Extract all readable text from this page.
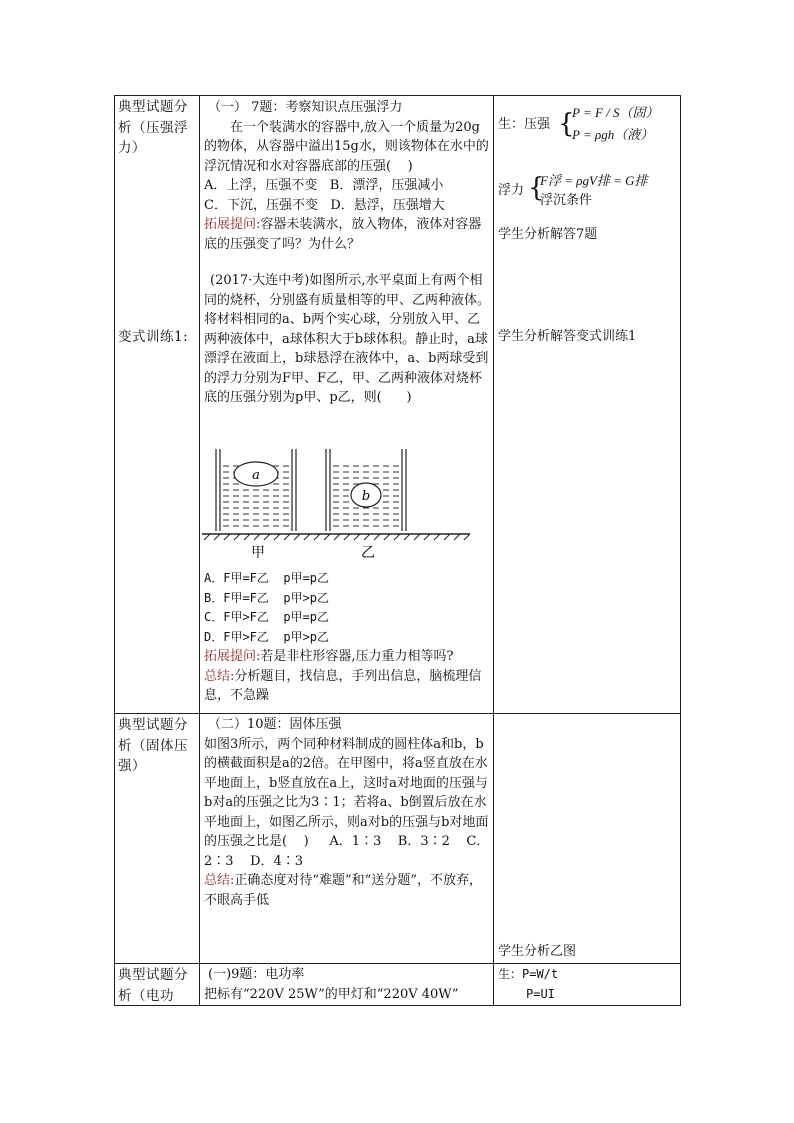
典型试题分析（压强浮力）

变式训练1:

（一） 7题：考察知识点压强浮力

在一个装满水的容器中,放入一个质量为20g的物体，从容器中溢出15g水，则该物体在水中的浮沉情况和水对容器底部的压强(    )

A．上浮，压强不变 B．漂浮，压强减小

C．下沉，压强不变 D．悬浮，压强增大

拓展提问:容器未装满水，放入物体，液体对容器底的压强变了吗？为什么？

生：压强 {
P = F / S（固）
P = ρgh（液）
浮力 {
F浮 = ρgV排 = G排
浮沉条件

学生分析解答7题

(2017·大连中考)如图所示,水平桌面上有两个相同的烧杯，分别盛有质量相等的甲、乙两种液体。将材料相同的a、b两个实心球，分别放入甲、乙两种液体中，a球体积大于b球体积。静止时，a球漂浮在液面上，b球悬浮在液体中，a、b两球受到的浮力分别为F甲、F乙，甲、乙两种液体对烧杯底的压强分别为p甲、p乙，则(      )

a
b
甲	乙

A．F甲=F乙  p甲=p乙

B．F甲=F乙  p甲>p乙

C．F甲>F乙  p甲=p乙

D．F甲>F乙  p甲>p乙

拓展提问:若是非柱形容器,压力重力相等吗?

总结:分析题目，找信息，手列出信息，脑梳理信息，不急躁

学生分析解答变式训练1

典型试题分析（固体压强）

（二）10题：固体压强

如图3所示，两个同种材料制成的圆柱体a和b，b的横截面积是a的2倍。在甲图中，将a竖直放在水平地面上，b竖直放在a上，这时a对地面的压强与b对a的压强之比为3∶1；若将a、b倒置后放在水平地面上，如图乙所示，则a对b的压强与b对地面的压强之比是(    )     A．1∶3    B．3∶2    C．2∶3    D．4∶3

总结:正确态度对待“难题”和“送分题”，不放弃，不眼高手低

学生分析乙图

典型试题分析（电功

(一)9题：电功率

把标有“220V 25W”的甲灯和“220V 40W”

生：P=W/t

P=UI
